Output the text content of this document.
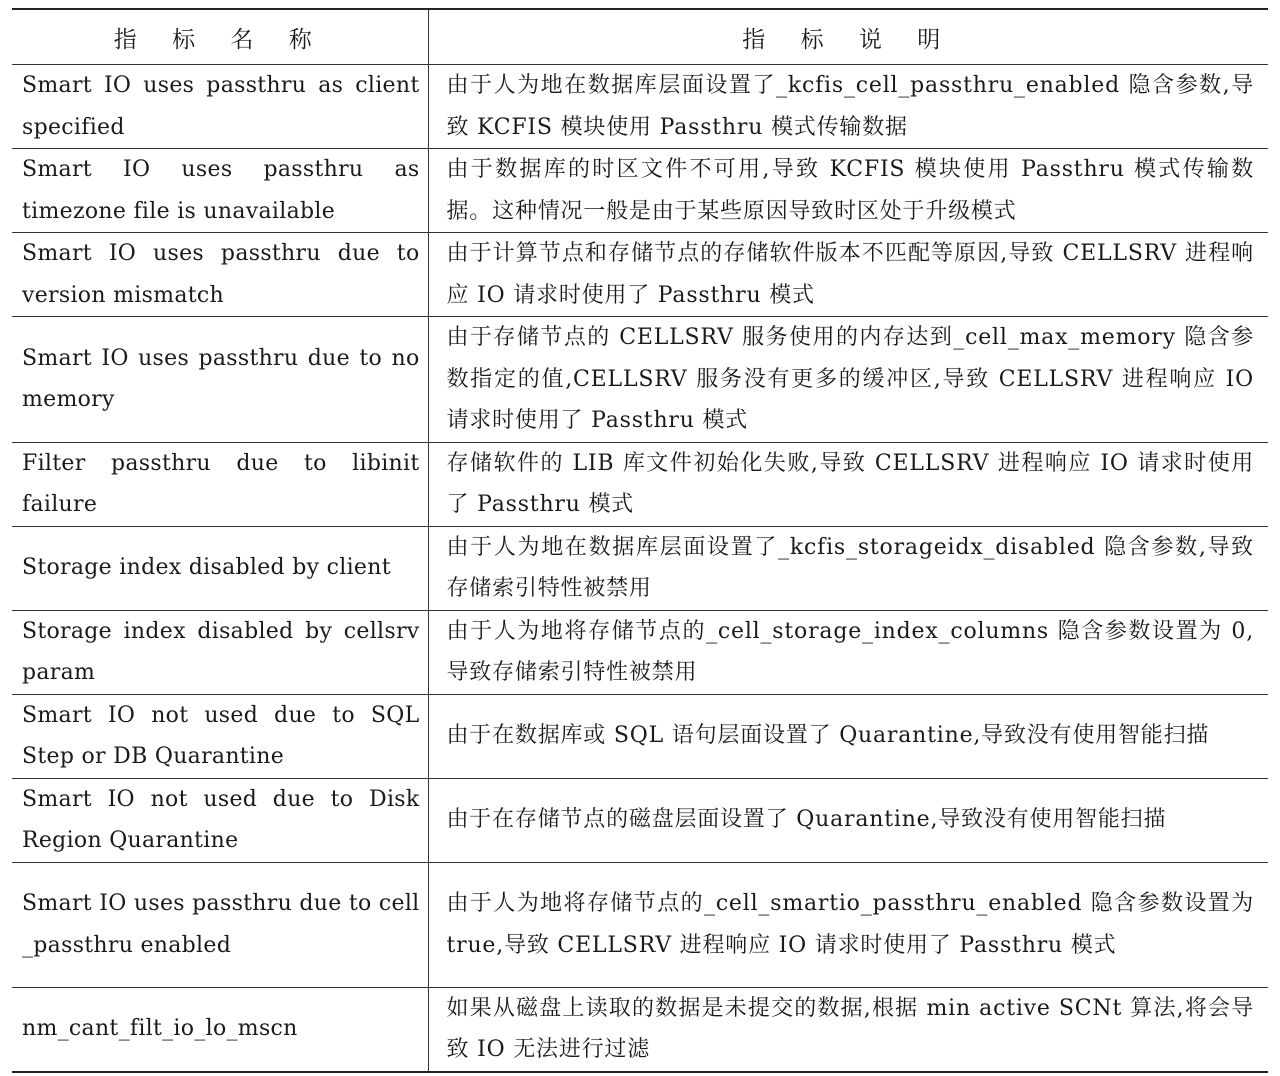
指 标 名 称	指 标 说 明
Smart IO uses passthru as client specified	由于人为地在数据库层面设置了_kcfis_cell_passthru_enabled 隐含参数,导致 KCFIS 模块使用 Passthru 模式传输数据
Smart IO uses passthru as timezone file is unavailable	由于数据库的时区文件不可用,导致 KCFIS 模块使用 Passthru 模式传输数据。这种情况一般是由于某些原因导致时区处于升级模式
Smart IO uses passthru due to version mismatch	由于计算节点和存储节点的存储软件版本不匹配等原因,导致 CELLSRV 进程响应 IO 请求时使用了 Passthru 模式
Smart IO uses passthru due to no memory	由于存储节点的 CELLSRV 服务使用的内存达到_cell_max_memory 隐含参数指定的值,CELLSRV 服务没有更多的缓冲区,导致 CELLSRV 进程响应 IO 请求时使用了 Passthru 模式
Filter passthru due to libinit failure	存储软件的 LIB 库文件初始化失败,导致 CELLSRV 进程响应 IO 请求时使用了 Passthru 模式
Storage index disabled by client	由于人为地在数据库层面设置了_kcfis_storageidx_disabled 隐含参数,导致存储索引特性被禁用
Storage index disabled by cellsrv param	由于人为地将存储节点的_cell_storage_index_columns 隐含参数设置为 0,导致存储索引特性被禁用
Smart IO not used due to SQL Step or DB Quarantine	由于在数据库或 SQL 语句层面设置了 Quarantine,导致没有使用智能扫描
Smart IO not used due to Disk Region Quarantine	由于在存储节点的磁盘层面设置了 Quarantine,导致没有使用智能扫描
Smart IO uses passthru due to cell _passthru enabled	由于人为地将存储节点的_cell_smartio_passthru_enabled 隐含参数设置为 true,导致 CELLSRV 进程响应 IO 请求时使用了 Passthru 模式
nm_cant_filt_io_lo_mscn	如果从磁盘上读取的数据是未提交的数据,根据 min active SCNt 算法,将会导致 IO 无法进行过滤
